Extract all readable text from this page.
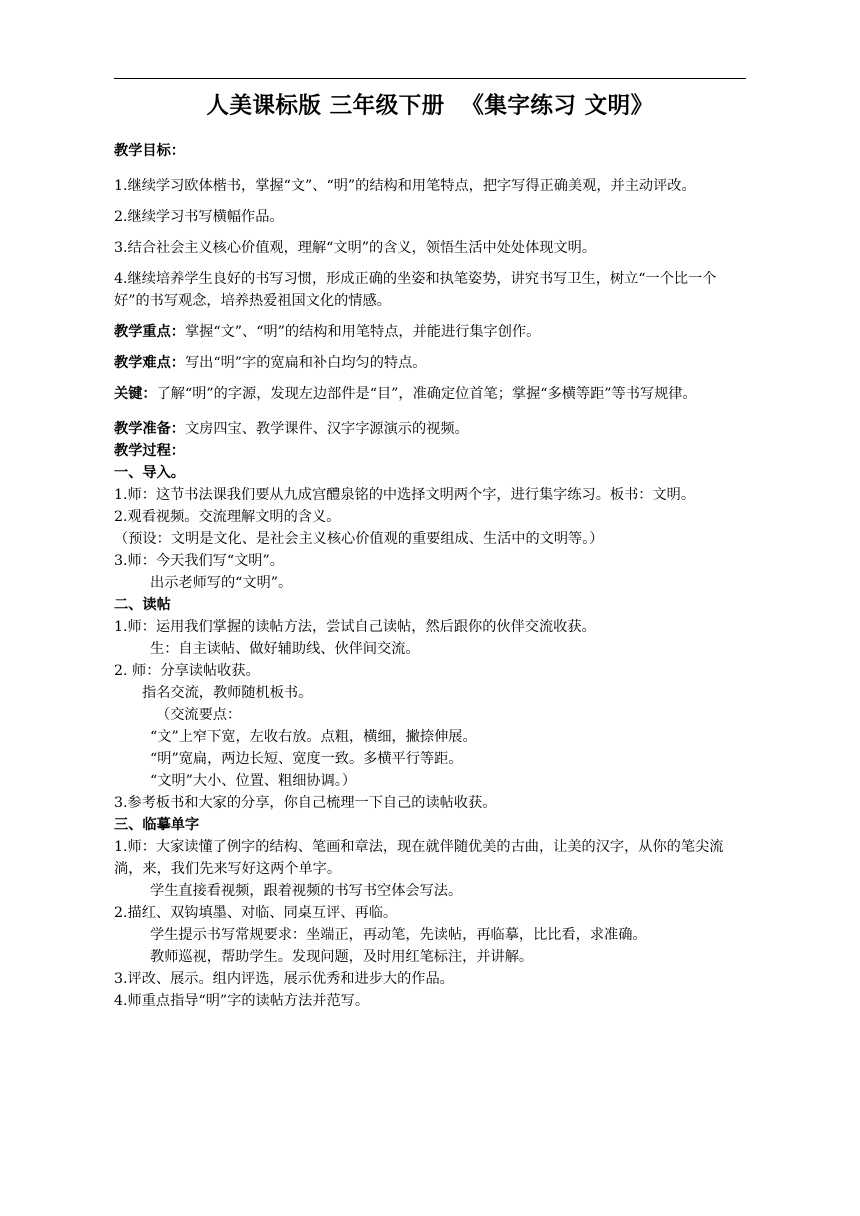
人美课标版 三年级下册  《集字练习 文明》

教学目标：

1.继续学习欧体楷书，掌握“文”、“明”的结构和用笔特点，把字写得正确美观，并主动评改。

2.继续学习书写横幅作品。

3.结合社会主义核心价值观，理解“文明”的含义，领悟生活中处处体现文明。

4.继续培养学生良好的书写习惯，形成正确的坐姿和执笔姿势，讲究书写卫生，树立“一个比一个好”的书写观念，培养热爱祖国文化的情感。

教学重点：掌握“文”、“明”的结构和用笔特点，并能进行集字创作。

教学难点：写出“明”字的宽扁和补白均匀的特点。

关键：了解“明”的字源，发现左边部件是“目”，准确定位首笔；掌握“多横等距”等书写规律。

教学准备：文房四宝、教学课件、汉字字源演示的视频。

教学过程：

一、导入。

1.师：这节书法课我们要从九成宫醴泉铭的中选择文明两个字，进行集字练习。板书：文明。

2.观看视频。交流理解文明的含义。

（预设：文明是文化、是社会主义核心价值观的重要组成、生活中的文明等。）

3.师：今天我们写“文明”。

出示老师写的“文明”。

二、读帖

1.师：运用我们掌握的读帖方法，尝试自己读帖，然后跟你的伙伴交流收获。

生：自主读帖、做好辅助线、伙伴间交流。

2. 师：分享读帖收获。

指名交流，教师随机板书。

（交流要点：

“文”上窄下宽，左收右放。点粗，横细，撇捺伸展。

“明”宽扁，两边长短、宽度一致。多横平行等距。

“文明”大小、位置、粗细协调。）

3.参考板书和大家的分享，你自己梳理一下自己的读帖收获。

三、临摹单字

1.师：大家读懂了例字的结构、笔画和章法，现在就伴随优美的古曲，让美的汉字，从你的笔尖流淌，来，我们先来写好这两个单字。

学生直接看视频，跟着视频的书写书空体会写法。

2.描红、双钩填墨、对临、同桌互评、再临。

学生提示书写常规要求：坐端正，再动笔，先读帖，再临摹，比比看，求准确。

教师巡视，帮助学生。发现问题，及时用红笔标注，并讲解。

3.评改、展示。组内评选，展示优秀和进步大的作品。

4.师重点指导“明”字的读帖方法并范写。
